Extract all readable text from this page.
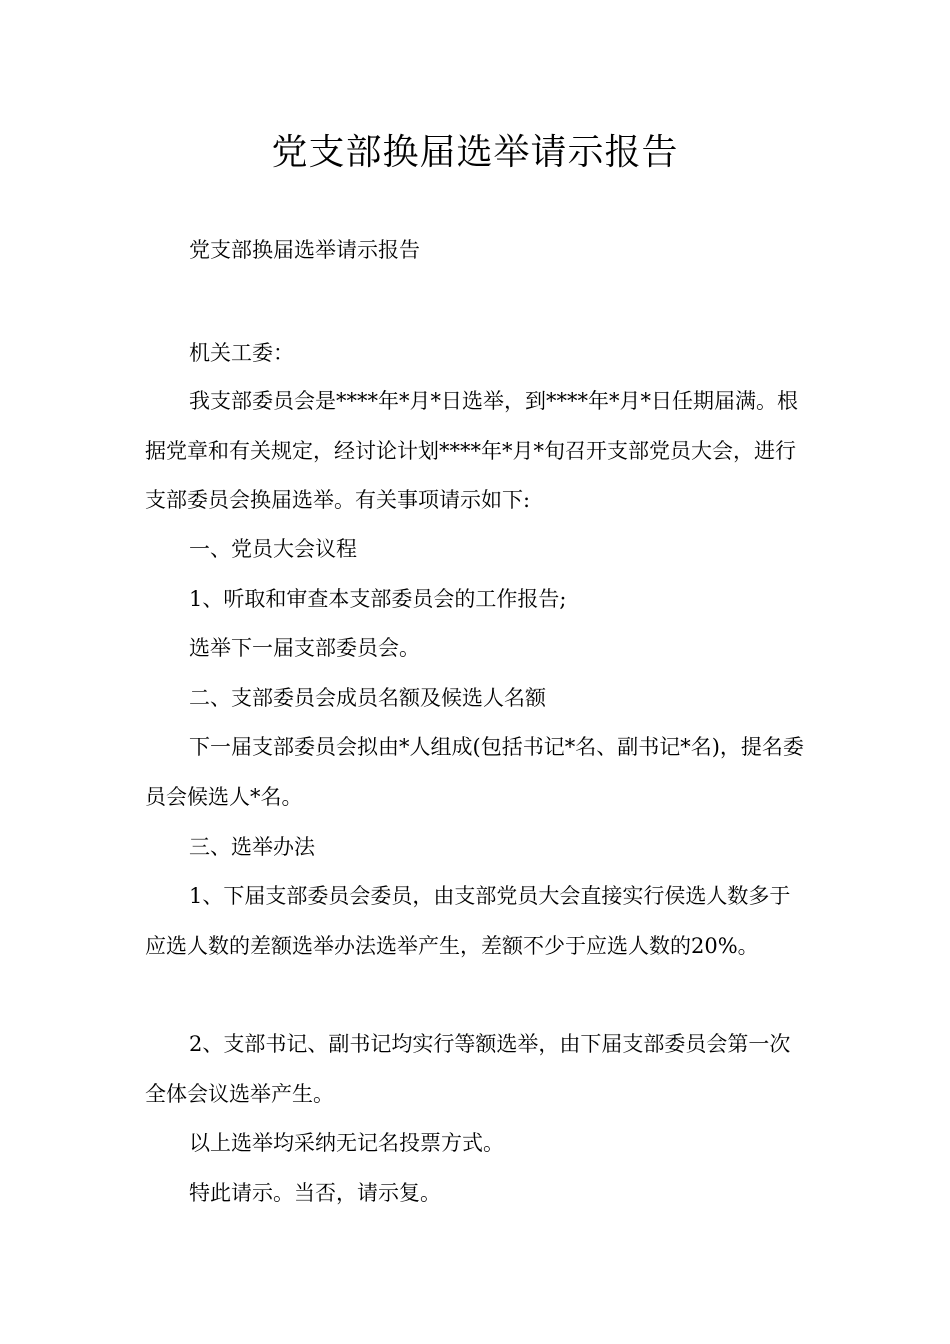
党支部换届选举请示报告
党支部换届选举请示报告
机关工委：
我支部委员会是****年*月*日选举，到****年*月*日任期届满。根据党章和有关规定，经讨论计划****年*月*旬召开支部党员大会，进行支部委员会换届选举。有关事项请示如下:
一、党员大会议程
1、听取和审查本支部委员会的工作报告;
选举下一届支部委员会。
二、支部委员会成员名额及候选人名额
下一届支部委员会拟由*人组成(包括书记*名、副书记*名)，提名委员会候选人*名。
三、选举办法
1、下届支部委员会委员，由支部党员大会直接实行侯选人数多于应选人数的差额选举办法选举产生，差额不少于应选人数的20%。
2、支部书记、副书记均实行等额选举，由下届支部委员会第一次全体会议选举产生。
以上选举均采纳无记名投票方式。
特此请示。当否，请示复。
